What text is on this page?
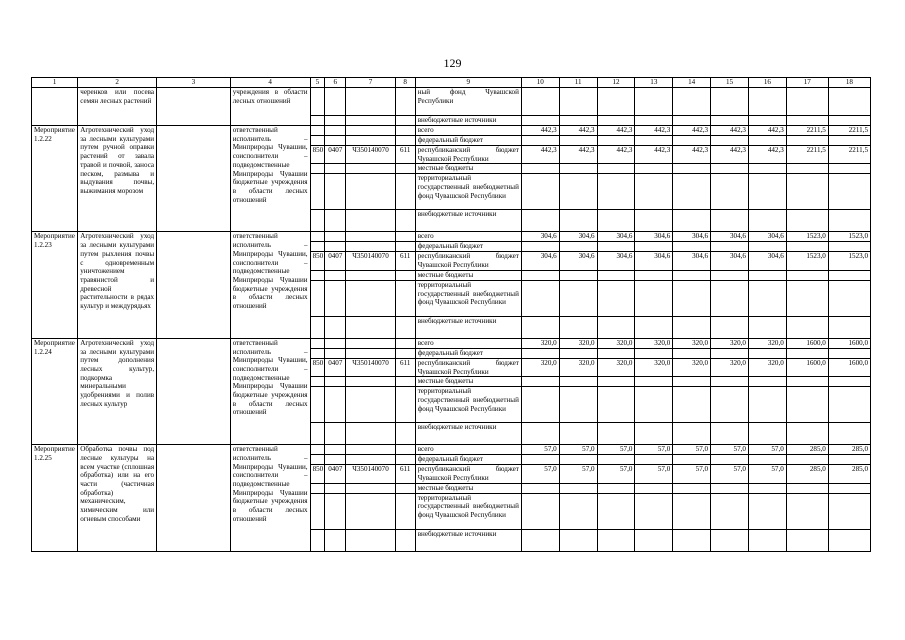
129
1	2	3	4	5	6	7	8	9	10	11	12	13	14	15	16	17	18
	черенков или посева семян лесных растений		учреждения в области лесных отношений					ный фонд Чувашской Республики									
								внебюджетные источники									
Мероприятие 1.2.22	Агротехнический уход за лесными культурами путем ручной оправки растений от завала травой и почвой, заноса песком, размыва и выдувания почвы, выжимания морозом		ответственный исполнитель – Минприроды Чувашии, соисполнители – подведомственные Минприроды Чувашии бюджетные учреждения в области лесных отношений					всего	442,3	442,3	442,3	442,3	442,3	442,3	442,3	2211,5	2211,5
								федеральный бюджет									
				850	0407	Ч350140070	611	республиканский бюджет Чувашской Республики	442,3	442,3	442,3	442,3	442,3	442,3	442,3	2211,5	2211,5
								местные бюджеты									
								территориальный государственный внебюджетный фонд Чувашской Республики									
								внебюджетные источники									
Мероприятие 1.2.23	Агротехнический уход за лесными культурами путем рыхления почвы с одновременным уничтожением травянистой и древесной растительности в рядах культур и междурядьях		ответственный исполнитель – Минприроды Чувашии, соисполнители – подведомственные Минприроды Чувашии бюджетные учреждения в области лесных отношений					всего	304,6	304,6	304,6	304,6	304,6	304,6	304,6	1523,0	1523,0
								федеральный бюджет									
				850	0407	Ч350140070	611	республиканский бюджет Чувашской Республики	304,6	304,6	304,6	304,6	304,6	304,6	304,6	1523,0	1523,0
								местные бюджеты									
								территориальный государственный внебюджетный фонд Чувашской Республики									
								внебюджетные источники									
Мероприятие 1.2.24	Агротехнический уход за лесными культурами путем дополнения лесных культур, подкормка минеральными удобрениями и полив лесных культур		ответственный исполнитель – Минприроды Чувашии, соисполнители – подведомственные Минприроды Чувашии бюджетные учреждения в области лесных отношений					всего	320,0	320,0	320,0	320,0	320,0	320,0	320,0	1600,0	1600,0
								федеральный бюджет									
				850	0407	Ч350140070	611	республиканский бюджет Чувашской Республики	320,0	320,0	320,0	320,0	320,0	320,0	320,0	1600,0	1600,0
								местные бюджеты									
								территориальный государственный внебюджетный фонд Чувашской Республики									
								внебюджетные источники									
Мероприятие 1.2.25	Обработка почвы под лесные культуры на всем участке (сплошная обработка) или на его части (частичная обработка) механическим, химическим или огневым способами		ответственный исполнитель – Минприроды Чувашии, соисполнители – подведомственные Минприроды Чувашии бюджетные учреждения в области лесных отношений					всего	57,0	57,0	57,0	57,0	57,0	57,0	57,0	285,0	285,0
								федеральный бюджет									
				850	0407	Ч350140070	611	республиканский бюджет Чувашской Республики	57,0	57,0	57,0	57,0	57,0	57,0	57,0	285,0	285,0
								местные бюджеты									
								территориальный государственный внебюджетный фонд Чувашской Республики									
								внебюджетные источники									
